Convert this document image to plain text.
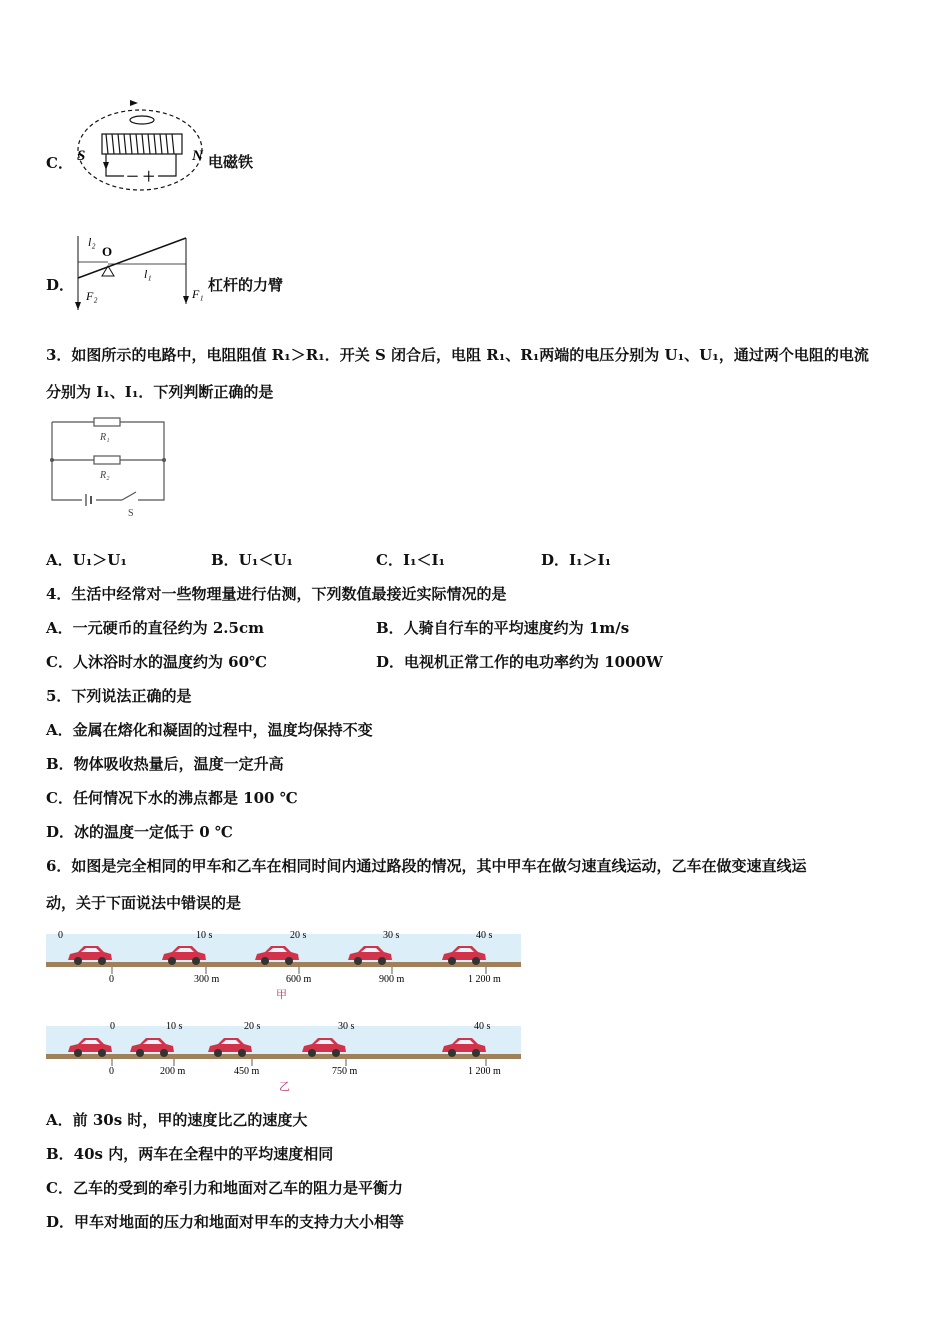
C． S	N
－ ＋
电磁铁
D．
l₂
O
l₁
F₂	F₁ 杠杆的力臂
3．如图所示的电路中，电阻阻值 R₁＞R₁．开关 S 闭合后，电阻 R₁、R₁两端的电压分别为 U₁、U₁，通过两个电阻的电流
分别为 I₁、I₁．下列判断正确的是
R₁
R₂
S
A．U₁＞U₁	B．U₁＜U₁	C．I₁＜I₁	D．I₁＞I₁
4．生活中经常对一些物理量进行估测，下列数值最接近实际情况的是
A．一元硬币的直径约为 2.5cm	B．人骑自行车的平均速度约为 1m/s
C．人沐浴时水的温度约为 60℃	D．电视机正常工作的电功率约为 1000W
5．下列说法正确的是
A．金属在熔化和凝固的过程中，温度均保持不变
B．物体吸收热量后，温度一定升高
C．任何情况下水的沸点都是 100 ℃
D．冰的温度一定低于 0 ℃
6．如图是完全相同的甲车和乙车在相同时间内通过路段的情况，其中甲车在做匀速直线运动，乙车在做变速直线运
动，关于下面说法中错误的是
0	10 s	20 s	30 s	40 s
0	300 m	600 m	900 m	1 200 m
甲
0	10 s	20 s	30 s	40 s
0	200 m	450 m	750 m	1 200 m
乙
A．前 30s 时，甲的速度比乙的速度大
B．40s 内，两车在全程中的平均速度相同
C．乙车的受到的牵引力和地面对乙车的阻力是平衡力
D．甲车对地面的压力和地面对甲车的支持力大小相等
